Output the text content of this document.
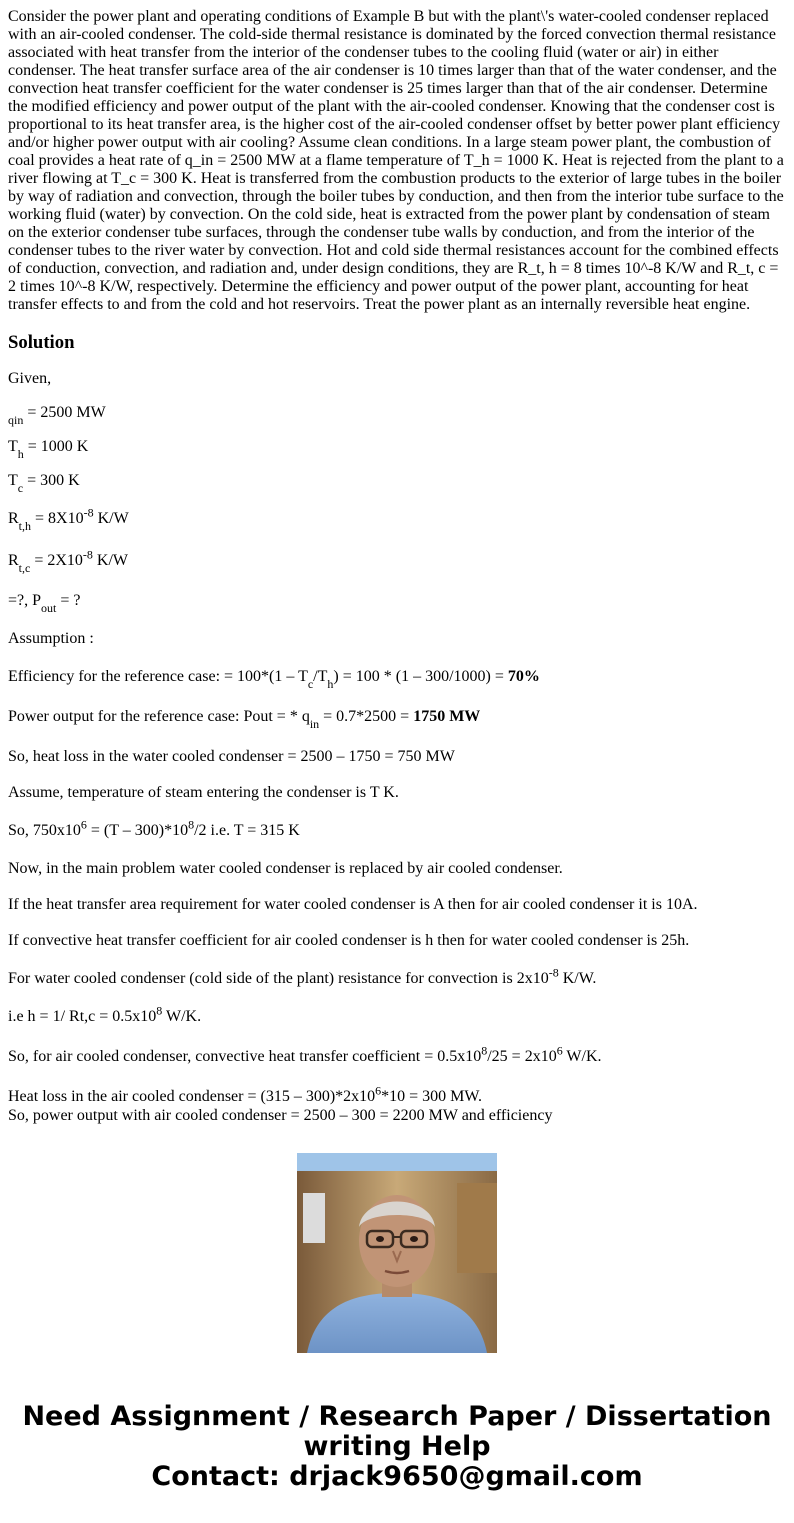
Consider the power plant and operating conditions of Example B but with the plant\'s water-cooled condenser replaced with an air-cooled condenser. The cold-side thermal resistance is dominated by the forced convection thermal resistance associated with heat transfer from the interior of the condenser tubes to the cooling fluid (water or air) in either condenser. The heat transfer surface area of the air condenser is 10 times larger than that of the water condenser, and the convection heat transfer coefficient for the water condenser is 25 times larger than that of the air condenser. Determine the modified efficiency and power output of the plant with the air-cooled condenser. Knowing that the condenser cost is proportional to its heat transfer area, is the higher cost of the air-cooled condenser offset by better power plant efficiency and/or higher power output with air cooling? Assume clean conditions. In a large steam power plant, the combustion of coal provides a heat rate of q_in = 2500 MW at a flame temperature of T_h = 1000 K. Heat is rejected from the plant to a river flowing at T_c = 300 K. Heat is transferred from the combustion products to the exterior of large tubes in the boiler by way of radiation and convection, through the boiler tubes by conduction, and then from the interior tube surface to the working fluid (water) by convection. On the cold side, heat is extracted from the power plant by condensation of steam on the exterior condenser tube surfaces, through the condenser tube walls by conduction, and from the interior of the condenser tubes to the river water by convection. Hot and cold side thermal resistances account for the combined effects of conduction, convection, and radiation and, under design conditions, they are R_t, h = 8 times 10^-8 K/W and R_t, c = 2 times 10^-8 K/W, respectively. Determine the efficiency and power output of the power plant, accounting for heat transfer effects to and from the cold and hot reservoirs. Treat the power plant as an internally reversible heat engine.
Solution
Given,
$_{qin}$ = 2500 MW
$T_h = 1000$ K
$T_c = 300$ K
$R_{t,h} = 8X10^{-8}$ K/W
$R_{t,c} = 2X10^{-8}$ K/W
=?, $P_{out}$ = ?
Assumption :
Efficiency for the reference case: = $100*(1 - T_c/T_h) = 100 * (1 - 300/1000) = 70\%$
Power output for the reference case: Pout = * $q_{in} = 0.7*2500 = 1750$ MW
So, heat loss in the water cooled condenser = 2500 – 1750 = 750 MW
Assume, temperature of steam entering the condenser is T K.
So, $750x10^6 = (T - 300)*10^8/2$ i.e. T = 315 K
Now, in the main problem water cooled condenser is replaced by air cooled condenser.
If the heat transfer area requirement for water cooled condenser is A then for air cooled condenser it is 10A.
If convective heat transfer coefficient for air cooled condenser is h then for water cooled condenser is 25h.
For water cooled condenser (cold side of the plant) resistance for convection is $2x10^{-8}$ K/W.
i.e h = 1/ $Rt,c = 0.5x10^8$ W/K.
So, for air cooled condenser, convective heat transfer coefficient = $0.5x10^8/25 = 2x10^6$ W/K.
Heat loss in the air cooled condenser = $(315 - 300)*2x10^6*10 = 300$ MW.
So, power output with air cooled condenser = 2500 – 300 = 2200 MW and efficiency
Need Assignment / Research Paper / Dissertation
writing Help
Contact: drjack9650@gmail.com
